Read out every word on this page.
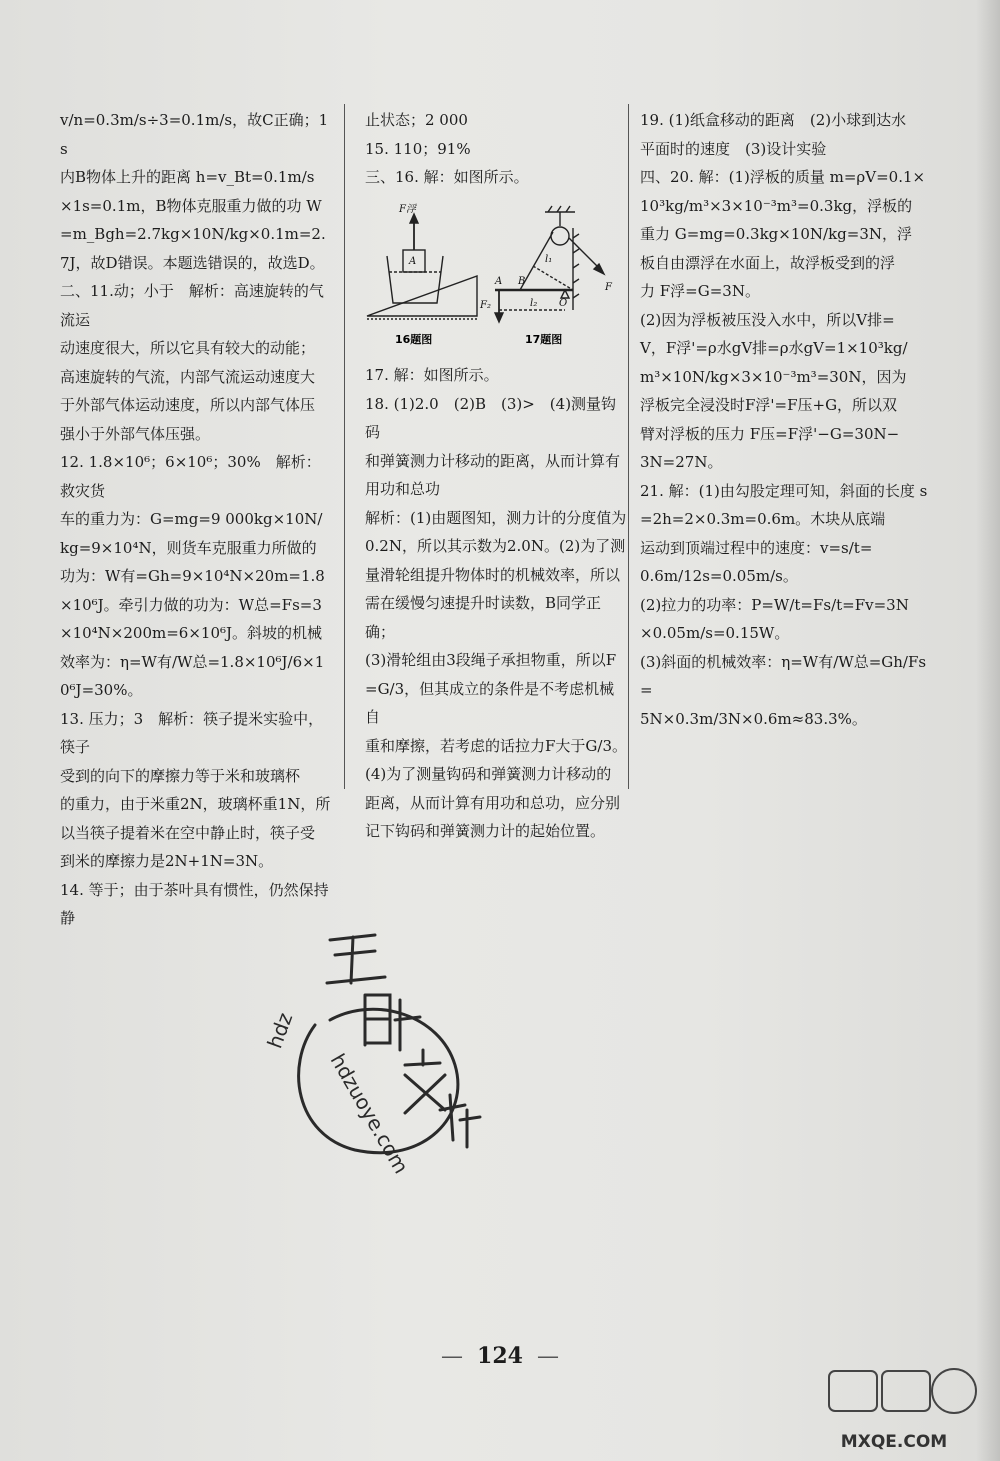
v/n=0.3m/s÷3=0.1m/s，故C正确；1s

内B物体上升的距离 h=v_Bt=0.1m/s

×1s=0.1m，B物体克服重力做的功 W

=m_Bgh=2.7kg×10N/kg×0.1m=2.

7J，故D错误。本题选错误的，故选D。

二、11.动；小于　解析：高速旋转的气流运

动速度很大，所以它具有较大的动能；

高速旋转的气流，内部气流运动速度大

于外部气体运动速度，所以内部气体压

强小于外部气体压强。

12. 1.8×10⁶；6×10⁶；30%　解析：救灾货

车的重力为：G=mg=9 000kg×10N/

kg=9×10⁴N，则货车克服重力所做的

功为：W有=Gh=9×10⁴N×20m=1.8

×10⁶J。牵引力做的功为：W总=Fs=3

×10⁴N×200m=6×10⁶J。斜坡的机械

效率为：η=W有/W总=1.8×10⁶J/6×10⁶J=30%。

13. 压力；3　解析：筷子提米实验中，筷子

受到的向下的摩擦力等于米和玻璃杯

的重力，由于米重2N，玻璃杯重1N，所

以当筷子提着米在空中静止时，筷子受

到米的摩擦力是2N+1N=3N。

14. 等于；由于茶叶具有惯性，仍然保持静

止状态；2 000

15. 110；91%

三、16. 解：如图所示。

F浮
A
A B
l₁
F
F₂	l₂ O
16题图	17题图

17. 解：如图所示。

18. (1)2.0　(2)B　(3)>　(4)测量钩码

和弹簧测力计移动的距离，从而计算有

用功和总功

解析：(1)由题图知，测力计的分度值为

0.2N，所以其示数为2.0N。(2)为了测

量滑轮组提升物体时的机械效率，所以

需在缓慢匀速提升时读数，B同学正确；

(3)滑轮组由3段绳子承担物重，所以F

=G/3，但其成立的条件是不考虑机械自

重和摩擦，若考虑的话拉力F大于G/3。

(4)为了测量钩码和弹簧测力计移动的

距离，从而计算有用功和总功，应分别

记下钩码和弹簧测力计的起始位置。

19. (1)纸盒移动的距离　(2)小球到达水

平面时的速度　(3)设计实验

四、20. 解：(1)浮板的质量 m=ρV=0.1×

10³kg/m³×3×10⁻³m³=0.3kg，浮板的

重力 G=mg=0.3kg×10N/kg=3N，浮

板自由漂浮在水面上，故浮板受到的浮

力 F浮=G=3N。

(2)因为浮板被压没入水中，所以V排=

V，F浮'=ρ水gV排=ρ水gV=1×10³kg/

m³×10N/kg×3×10⁻³m³=30N，因为

浮板完全浸没时F浮'=F压+G，所以双

臂对浮板的压力 F压=F浮'−G=30N−

3N=27N。

21. 解：(1)由勾股定理可知，斜面的长度 s

=2h=2×0.3m=0.6m。木块从底端

运动到顶端过程中的速度：v=s/t=

0.6m/12s=0.05m/s。

(2)拉力的功率：P=W/t=Fs/t=Fv=3N

×0.05m/s=0.15W。

(3)斜面的机械效率：η=W有/W总=Gh/Fs=

5N×0.3m/3N×0.6m≈83.3%。

hdz
hdzuoye.com
— 124 —
MXQE.COM
